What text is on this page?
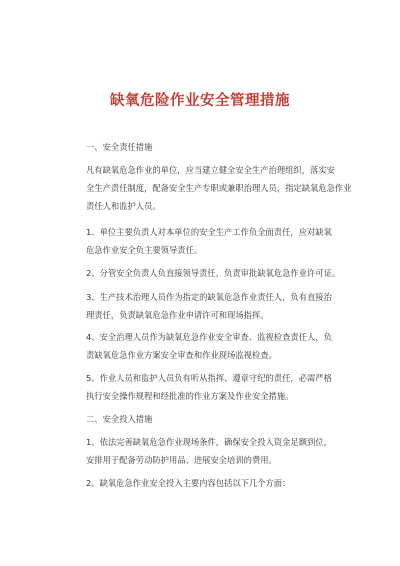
缺氧危险作业安全管理措施
一、安全责任措施
凡有缺氧危急作业的单位，应当建立健全安全生产治理组织，落实安
全生产责任制度，配备安全生产专职或兼职治理人员，指定缺氧危急作业
责任人和监护人员。
1、单位主要负责人对本单位的安全生产工作负全面责任，应对缺氧
危急作业安全负主要领导责任。
2、分管安全负责人负直接领导责任，负责审批缺氧危急作业许可证。
3、生产技术治理人员作为指定的缺氧危急作业责任人，负有直接治
理责任，负责缺氧危急作业申请许可和现场指挥。
4、安全治理人员作为缺氧危急作业安全审查、监视检查责任人，负
责缺氧危急作业方案安全审查和作业现场监视检查。
5、作业人员和监护人员负有听从指挥、遵章守纪的责任，必需严格
执行安全操作规程和经批准的作业方案及作业安全措施。
二、安全投入措施
1、依法完善缺氧危急作业现场条件，确保安全投入资金足额到位，
安排用于配备劳动防护用品、进展安全培训的费用。
2、缺氧危急作业安全投入主要内容包括以下几个方面：
